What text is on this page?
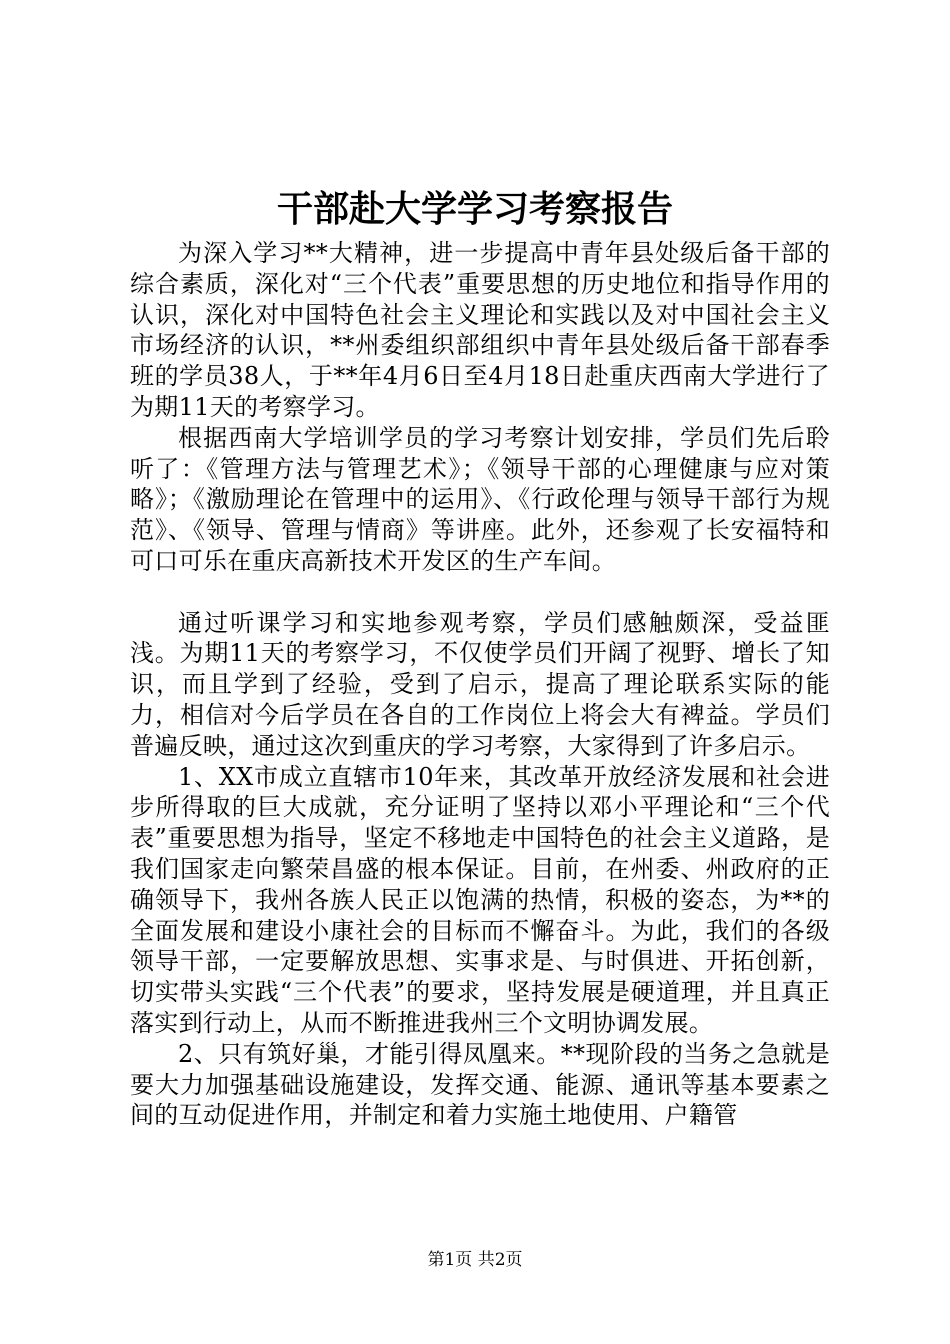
干部赴大学学习考察报告

为深入学习**大精神，进一步提高中青年县处级后备干部的综合素质，深化对“三个代表”重要思想的历史地位和指导作用的认识，深化对中国特色社会主义理论和实践以及对中国社会主义市场经济的认识，**州委组织部组织中青年县处级后备干部春季班的学员38人，于**年4月6日至4月18日赴重庆西南大学进行了为期11天的考察学习。

根据西南大学培训学员的学习考察计划安排，学员们先后聆听了：《管理方法与管理艺术》；《领导干部的心理健康与应对策略》；《激励理论在管理中的运用》、《行政伦理与领导干部行为规范》、《领导、管理与情商》等讲座。此外，还参观了长安福特和可口可乐在重庆高新技术开发区的生产车间。

通过听课学习和实地参观考察，学员们感触颇深，受益匪浅。为期11天的考察学习，不仅使学员们开阔了视野、增长了知识，而且学到了经验，受到了启示，提高了理论联系实际的能力，相信对今后学员在各自的工作岗位上将会大有裨益。学员们普遍反映，通过这次到重庆的学习考察，大家得到了许多启示。

1、XX市成立直辖市10年来，其改革开放经济发展和社会进步所得取的巨大成就，充分证明了坚持以邓小平理论和“三个代表”重要思想为指导，坚定不移地走中国特色的社会主义道路，是我们国家走向繁荣昌盛的根本保证。目前，在州委、州政府的正确领导下，我州各族人民正以饱满的热情，积极的姿态，为**的全面发展和建设小康社会的目标而不懈奋斗。为此，我们的各级领导干部，一定要解放思想、实事求是、与时俱进、开拓创新，切实带头实践“三个代表”的要求，坚持发展是硬道理，并且真正落实到行动上，从而不断推进我州三个文明协调发展。

2、只有筑好巢，才能引得凤凰来。**现阶段的当务之急就是要大力加强基础设施建设，发挥交通、能源、通讯等基本要素之间的互动促进作用，并制定和着力实施土地使用、户籍管

第1页 共2页
